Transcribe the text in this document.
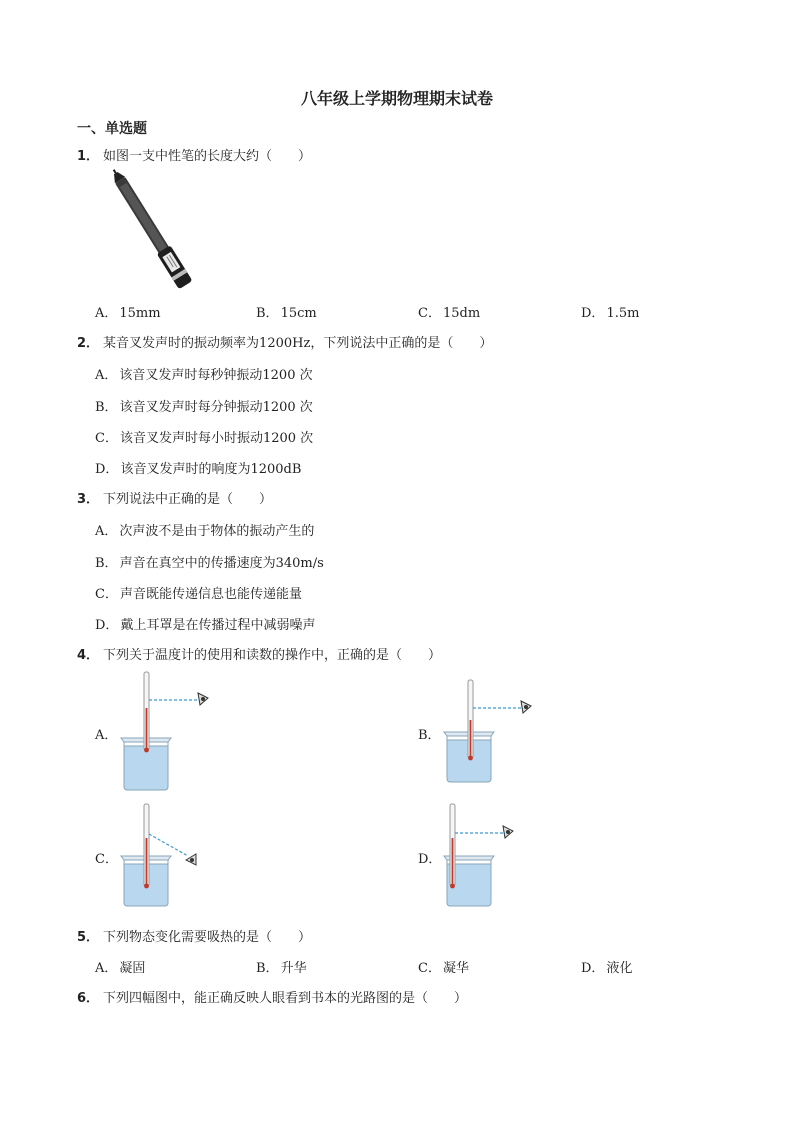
八年级上学期物理期末试卷
一、单选题
1． 如图一支中性笔的长度大约（　　）
A． 15mm	B． 15cm	C． 15dm	D． 1.5m
2． 某音叉发声时的振动频率为1200Hz，下列说法中正确的是（　　）
A． 该音叉发声时每秒钟振动1200 次
B． 该音叉发声时每分钟振动1200 次
C． 该音叉发声时每小时振动1200 次
D． 该音叉发声时的响度为1200dB
3． 下列说法中正确的是（　　）
A． 次声波不是由于物体的振动产生的
B． 声音在真空中的传播速度为340m/s
C． 声音既能传递信息也能传递能量
D． 戴上耳罩是在传播过程中减弱噪声
4． 下列关于温度计的使用和读数的操作中，正确的是（　　）
A．	B．
C．	D．
5． 下列物态变化需要吸热的是（　　）
A． 凝固	B． 升华	C． 凝华	D． 液化
6． 下列四幅图中，能正确反映人眼看到书本的光路图的是（　　）
